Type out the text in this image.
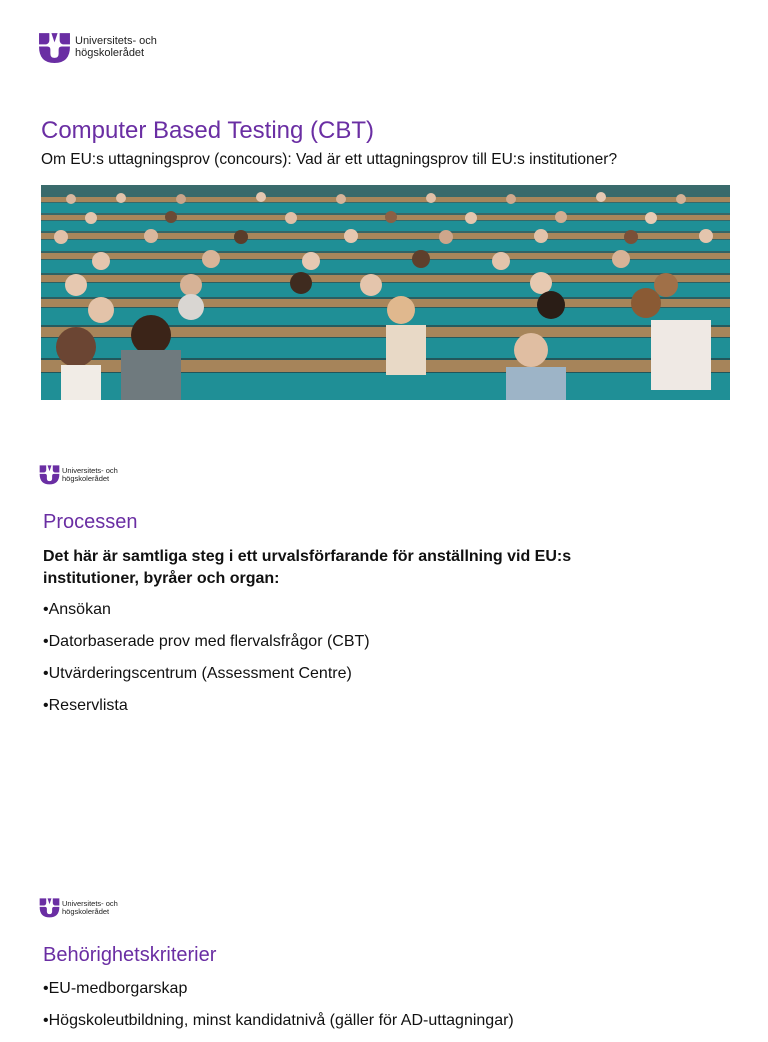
Universitets- och
högskolerådet
Computer Based Testing (CBT)
Om EU:s uttagningsprov (concours): Vad är ett uttagningsprov till EU:s institutioner?
Universitets- och
högskolerådet
Processen
Det här är samtliga steg i ett urvalsförfarande för anställning vid EU:s institutioner, byråer och organ:
• Ansökan
• Datorbaserade prov med flervalsfrågor (CBT)
• Utvärderingscentrum (Assessment Centre)
• Reservlista
Universitets- och
högskolerådet
Behörighetskriterier
• EU-medborgarskap
• Högskoleutbildning, minst kandidatnivå (gäller för AD-uttagningar)
